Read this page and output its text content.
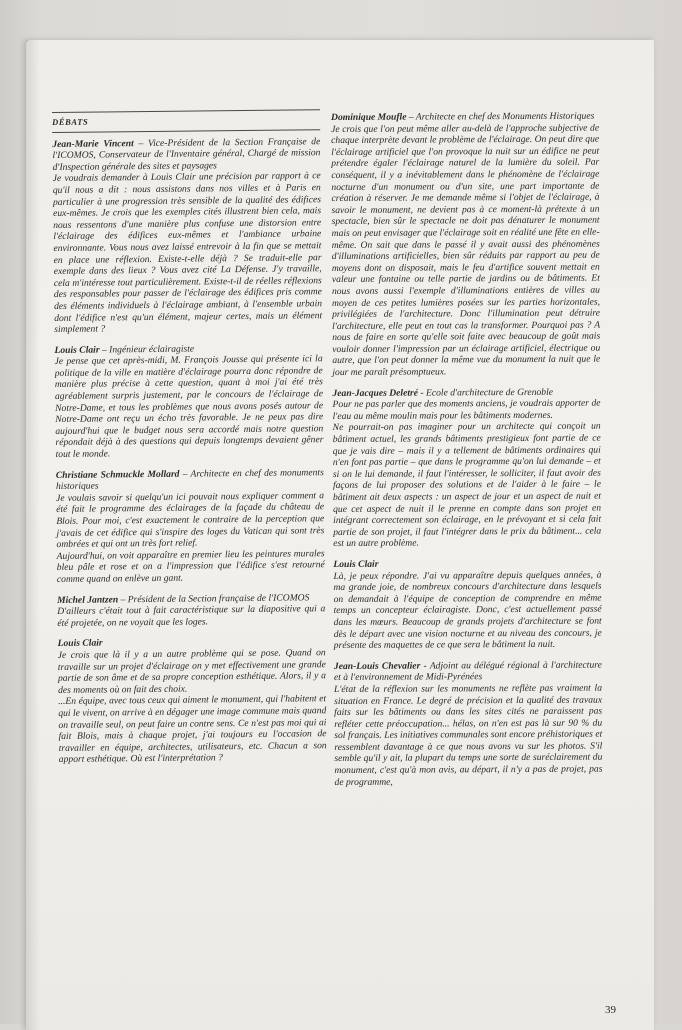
DÉBATS
Jean-Marie Vincent – Vice-Président de la Section Française de l'ICOMOS, Conservateur de l'Inventaire général, Chargé de mission d'Inspection générale des sites et paysages

Je voudrais demander à Louis Clair une précision par rapport à ce qu'il nous a dit : nous assistons dans nos villes et à Paris en particulier à une progression très sensible de la qualité des édifices eux-mêmes. Je crois que les exemples cités illustrent bien cela, mais nous ressentons d'une manière plus confuse une distorsion entre l'éclairage des édifices eux-mêmes et l'ambiance urbaine environnante. Vous nous avez laissé entrevoir à la fin que se mettait en place une réflexion. Existe-t-elle déjà ? Se traduit-elle par exemple dans des lieux ? Vous avez cité La Défense. J'y travaille, cela m'intéresse tout particulièrement. Existe-t-il de réelles réflexions des responsables pour passer de l'éclairage des édifices pris comme des éléments individuels à l'éclairage ambiant, à l'ensemble urbain dont l'édifice n'est qu'un élément, majeur certes, mais un élément simplement ?

Louis Clair – Ingénieur éclairagiste

Je pense que cet après-midi, M. François Jousse qui présente ici la politique de la ville en matière d'éclairage pourra donc répondre de manière plus précise à cette question, quant à moi j'ai été très agréablement surpris justement, par le concours de l'éclairage de Notre-Dame, et tous les problèmes que nous avons posés autour de Notre-Dame ont reçu un écho très favorable. Je ne peux pas dire aujourd'hui que le budget nous sera accordé mais notre question répondait déjà à des questions qui depuis longtemps devaient gêner tout le monde.

Christiane Schmuckle Mollard – Architecte en chef des monuments historiques

Je voulais savoir si quelqu'un ici pouvait nous expliquer comment a été fait le programme des éclairages de la façade du château de Blois. Pour moi, c'est exactement le contraire de la perception que j'avais de cet édifice qui s'inspire des loges du Vatican qui sont très ombrées et qui ont un très fort relief.

Aujourd'hui, on voit apparaître en premier lieu les peintures murales bleu pâle et rose et on a l'impression que l'édifice s'est retourné comme quand on enlève un gant.

Michel Jantzen – Président de la Section française de l'ICOMOS

D'ailleurs c'était tout à fait caractéristique sur la diapositive qui a été projetée, on ne voyait que les loges.

Louis Clair

Je crois que là il y a un autre problème qui se pose. Quand on travaille sur un projet d'éclairage on y met effectivement une grande partie de son âme et de sa propre conception esthétique. Alors, il y a des moments où on fait des choix.

...En équipe, avec tous ceux qui aiment le monument, qui l'habitent et qui le vivent, on arrive à en dégager une image commune mais quand on travaille seul, on peut faire un contre sens. Ce n'est pas moi qui ai fait Blois, mais à chaque projet, j'ai toujours eu l'occasion de travailler en équipe, architectes, utilisateurs, etc. Chacun a son apport esthétique. Où est l'interprétation ?

Dominique Moufle – Architecte en chef des Monuments Historiques

Je crois que l'on peut même aller au-delà de l'approche subjective de chaque interprète devant le problème de l'éclairage. On peut dire que l'éclairage artificiel que l'on provoque la nuit sur un édifice ne peut prétendre égaler l'éclairage naturel de la lumière du soleil. Par conséquent, il y a inévitablement dans le phénomène de l'éclairage nocturne d'un monument ou d'un site, une part importante de création à réserver. Je me demande même si l'objet de l'éclairage, à savoir le monument, ne devient pas à ce moment-là prétexte à un spectacle, bien sûr le spectacle ne doit pas dénaturer le monument mais on peut envisager que l'éclairage soit en réalité une fête en elle-même. On sait que dans le passé il y avait aussi des phénomènes d'illuminations artificielles, bien sûr réduits par rapport au peu de moyens dont on disposait, mais le feu d'artifice souvent mettait en valeur une fontaine ou telle partie de jardins ou de bâtiments. Et nous avons aussi l'exemple d'illuminations entières de villes au moyen de ces petites lumières posées sur les parties horizontales, privilégiées de l'architecture. Donc l'illumination peut détruire l'architecture, elle peut en tout cas la transformer. Pourquoi pas ? A nous de faire en sorte qu'elle soit faite avec beaucoup de goût mais vouloir donner l'impression par un éclairage artificiel, électrique ou autre, que l'on peut donner la même vue du monument la nuit que le jour me paraît présomptueux.

Jean-Jacques Deletré - Ecole d'architecture de Grenoble

Pour ne pas parler que des moments anciens, je voudrais apporter de l'eau au même moulin mais pour les bâtiments modernes.

Ne pourrait-on pas imaginer pour un architecte qui conçoit un bâtiment actuel, les grands bâtiments prestigieux font partie de ce que je vais dire – mais il y a tellement de bâtiments ordinaires qui n'en font pas partie – que dans le programme qu'on lui demande – et si on le lui demande, il faut l'intéresser, le solliciter, il faut avoir des façons de lui proposer des solutions et de l'aider à le faire – le bâtiment ait deux aspects : un aspect de jour et un aspect de nuit et que cet aspect de nuit il le prenne en compte dans son projet en intégrant correctement son éclairage, en le prévoyant et si cela fait partie de son projet, il faut l'intégrer dans le prix du bâtiment... cela est un autre problème.

Louis Clair

Là, je peux répondre. J'ai vu apparaître depuis quelques années, à ma grande joie, de nombreux concours d'architecture dans lesquels on demandait à l'équipe de conception de comprendre en même temps un concepteur éclairagiste. Donc, c'est actuellement passé dans les mœurs. Beaucoup de grands projets d'architecture se font dès le départ avec une vision nocturne et au niveau des concours, je présente des maquettes de ce que sera le bâtiment la nuit.

Jean-Louis Chevalier - Adjoint au délégué régional à l'architecture et à l'environnement de Midi-Pyrénées

L'état de la réflexion sur les monuments ne reflète pas vraiment la situation en France. Le degré de précision et la qualité des travaux faits sur les bâtiments ou dans les sites cités ne paraissent pas refléter cette préoccupation... hélas, on n'en est pas là sur 90 % du sol français. Les initiatives communales sont encore préhistoriques et ressemblent davantage à ce que nous avons vu sur les photos. S'il semble qu'il y ait, la plupart du temps une sorte de suréclairement du monument, c'est qu'à mon avis, au départ, il n'y a pas de projet, pas de programme,

39
